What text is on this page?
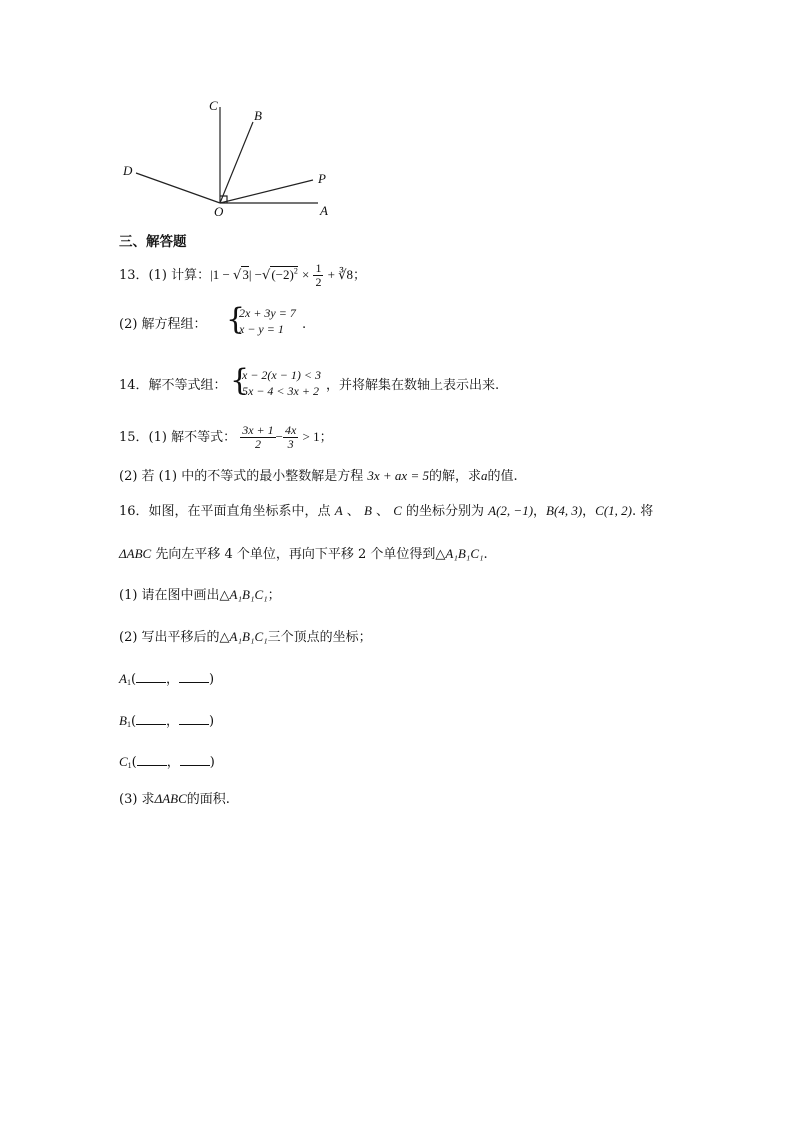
C
B
D
P
O	A
三、解答题
13．(1) 计算：$|1 - √3| -√(-2)^2 \times \frac{1}{2}$ + ∛8；
(2) 解方程组： {
2x + 3y = 7
x − y = 1	.
14．解不等式组： {
x − 2(x − 1) < 3
5x − 4 < 3x + 2 ，并将解集在数轴上表示出来.
15．(1) 解不等式： $\frac{3x + 1}{2} - \frac{4x}{3} > 1$；
(2) 若 (1) 中的不等式的最小整数解是方程 3x + ax = 5的解，求a的值.
16．如图，在平面直角坐标系中，点 A 、 B 、 C 的坐标分别为 A(2, −1)，B(4, 3)，C(1, 2). 将
ΔABC 先向左平移 4 个单位，再向下平移 2 个单位得到△A₁B₁C₁.
(1) 请在图中画出△A₁B₁C₁；
(2) 写出平移后的△A₁B₁C₁三个顶点的坐标；
$A_1$( ， )
$B_1$( ， )
$C_1$( ， )
(3) 求ΔABC的面积.
